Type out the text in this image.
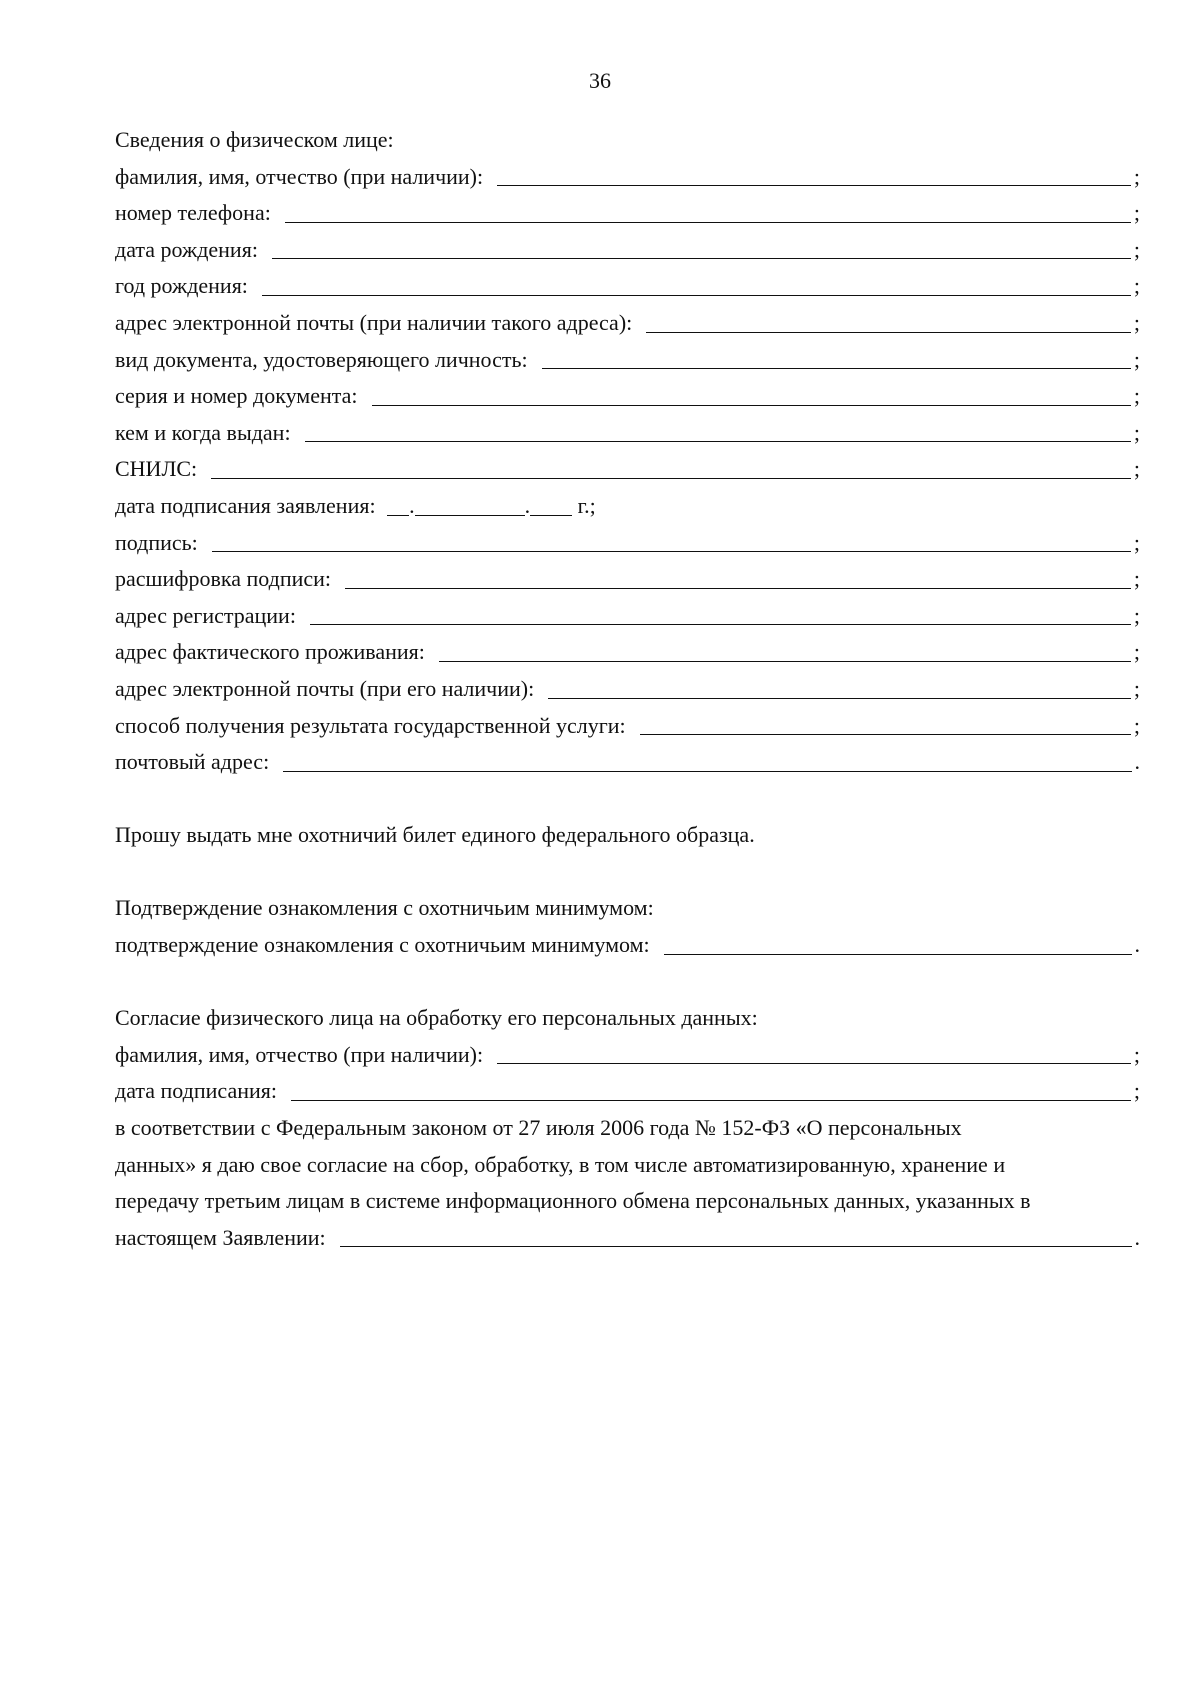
36
Сведения о физическом лице:
фамилия, имя, отчество (при наличии):	;
номер телефона:	;
дата рождения:	;
год рождения:	;
адрес электронной почты (при наличии такого адреса):	;
вид документа, удостоверяющего личность:	;
серия и номер документа:	;
кем и когда выдан:	;
СНИЛС:	;
дата подписания заявления: .	. г.;
подпись:	;
расшифровка подписи:	;
адрес регистрации:	;
адрес фактического проживания:	;
адрес электронной почты (при его наличии):	;
способ получения результата государственной услуги:	;
почтовый адрес:	.
Прошу выдать мне охотничий билет единого федерального образца.
Подтверждение ознакомления с охотничьим минимумом:
подтверждение ознакомления с охотничьим минимумом:	.
Согласие физического лица на обработку его персональных данных:
фамилия, имя, отчество (при наличии):	;
дата подписания:	;
в соответствии с Федеральным законом от 27 июля 2006 года № 152-ФЗ «О персональных
данных» я даю свое согласие на сбор, обработку, в том числе автоматизированную, хранение и
передачу третьим лицам в системе информационного обмена персональных данных, указанных в
настоящем Заявлении:	.
